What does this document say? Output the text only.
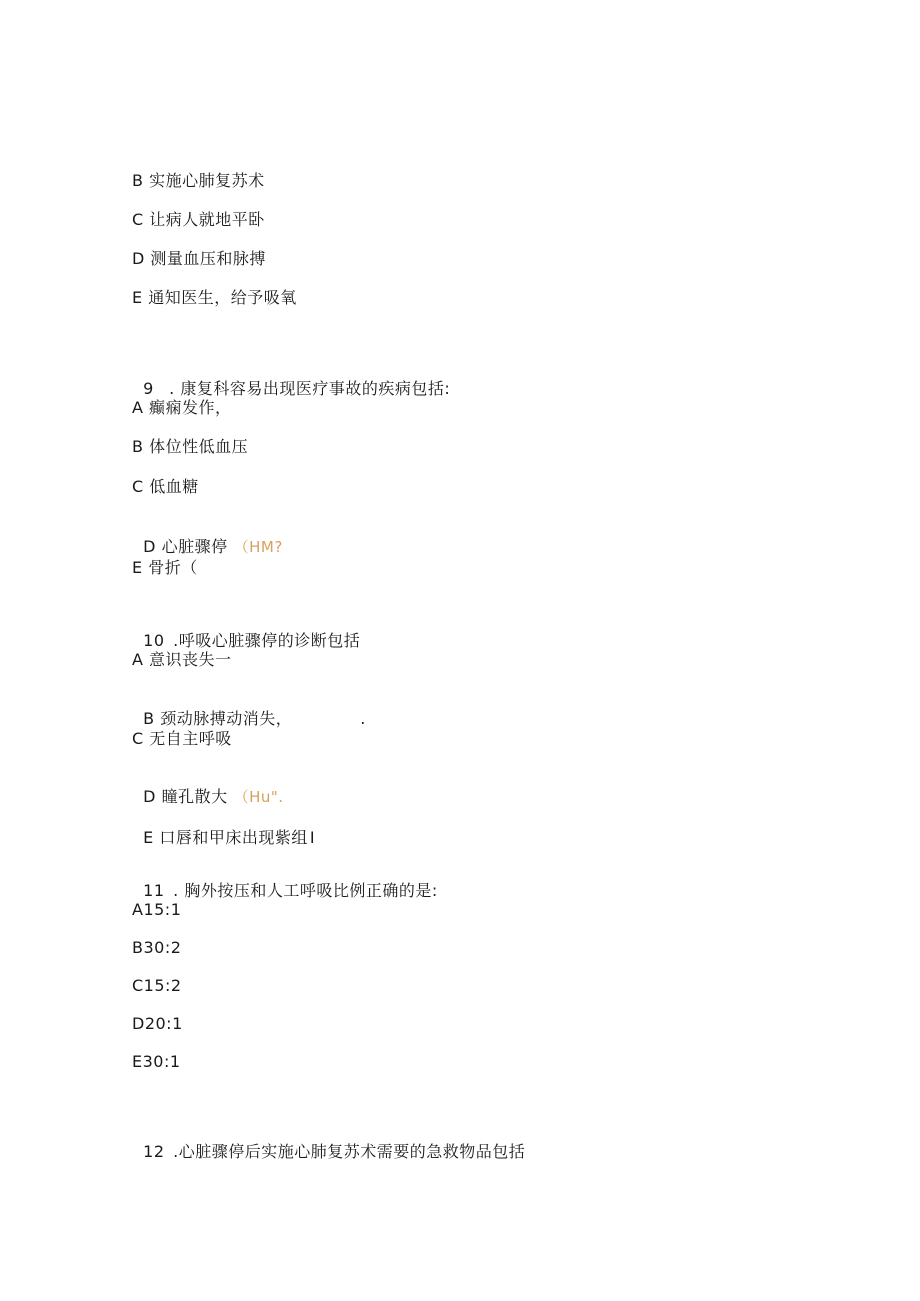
B 实施心肺复苏术
C 让病人就地平卧
D 测量血压和脉搏
E 通知医生，给予吸氧

9 . 康复科容易出现医疗事故的疾病包括:

A 癫痫发作，
B 体位性低血压
C 低血糖

D 心脏骤停 （HM?

E 骨折（

10 .呼吸心脏骤停的诊断包括

A 意识丧失一

B 颈动脉搏动消失，	.

C 无自主呼吸

D 瞳孔散大 （Hu".

E 口唇和甲床出现紫组 I

11 . 胸外按压和人工呼吸比例正确的是:

A15:1
B30:2
C15:2
D20:1
E30:1

12 .心脏骤停后实施心肺复苏术需要的急救物品包括
